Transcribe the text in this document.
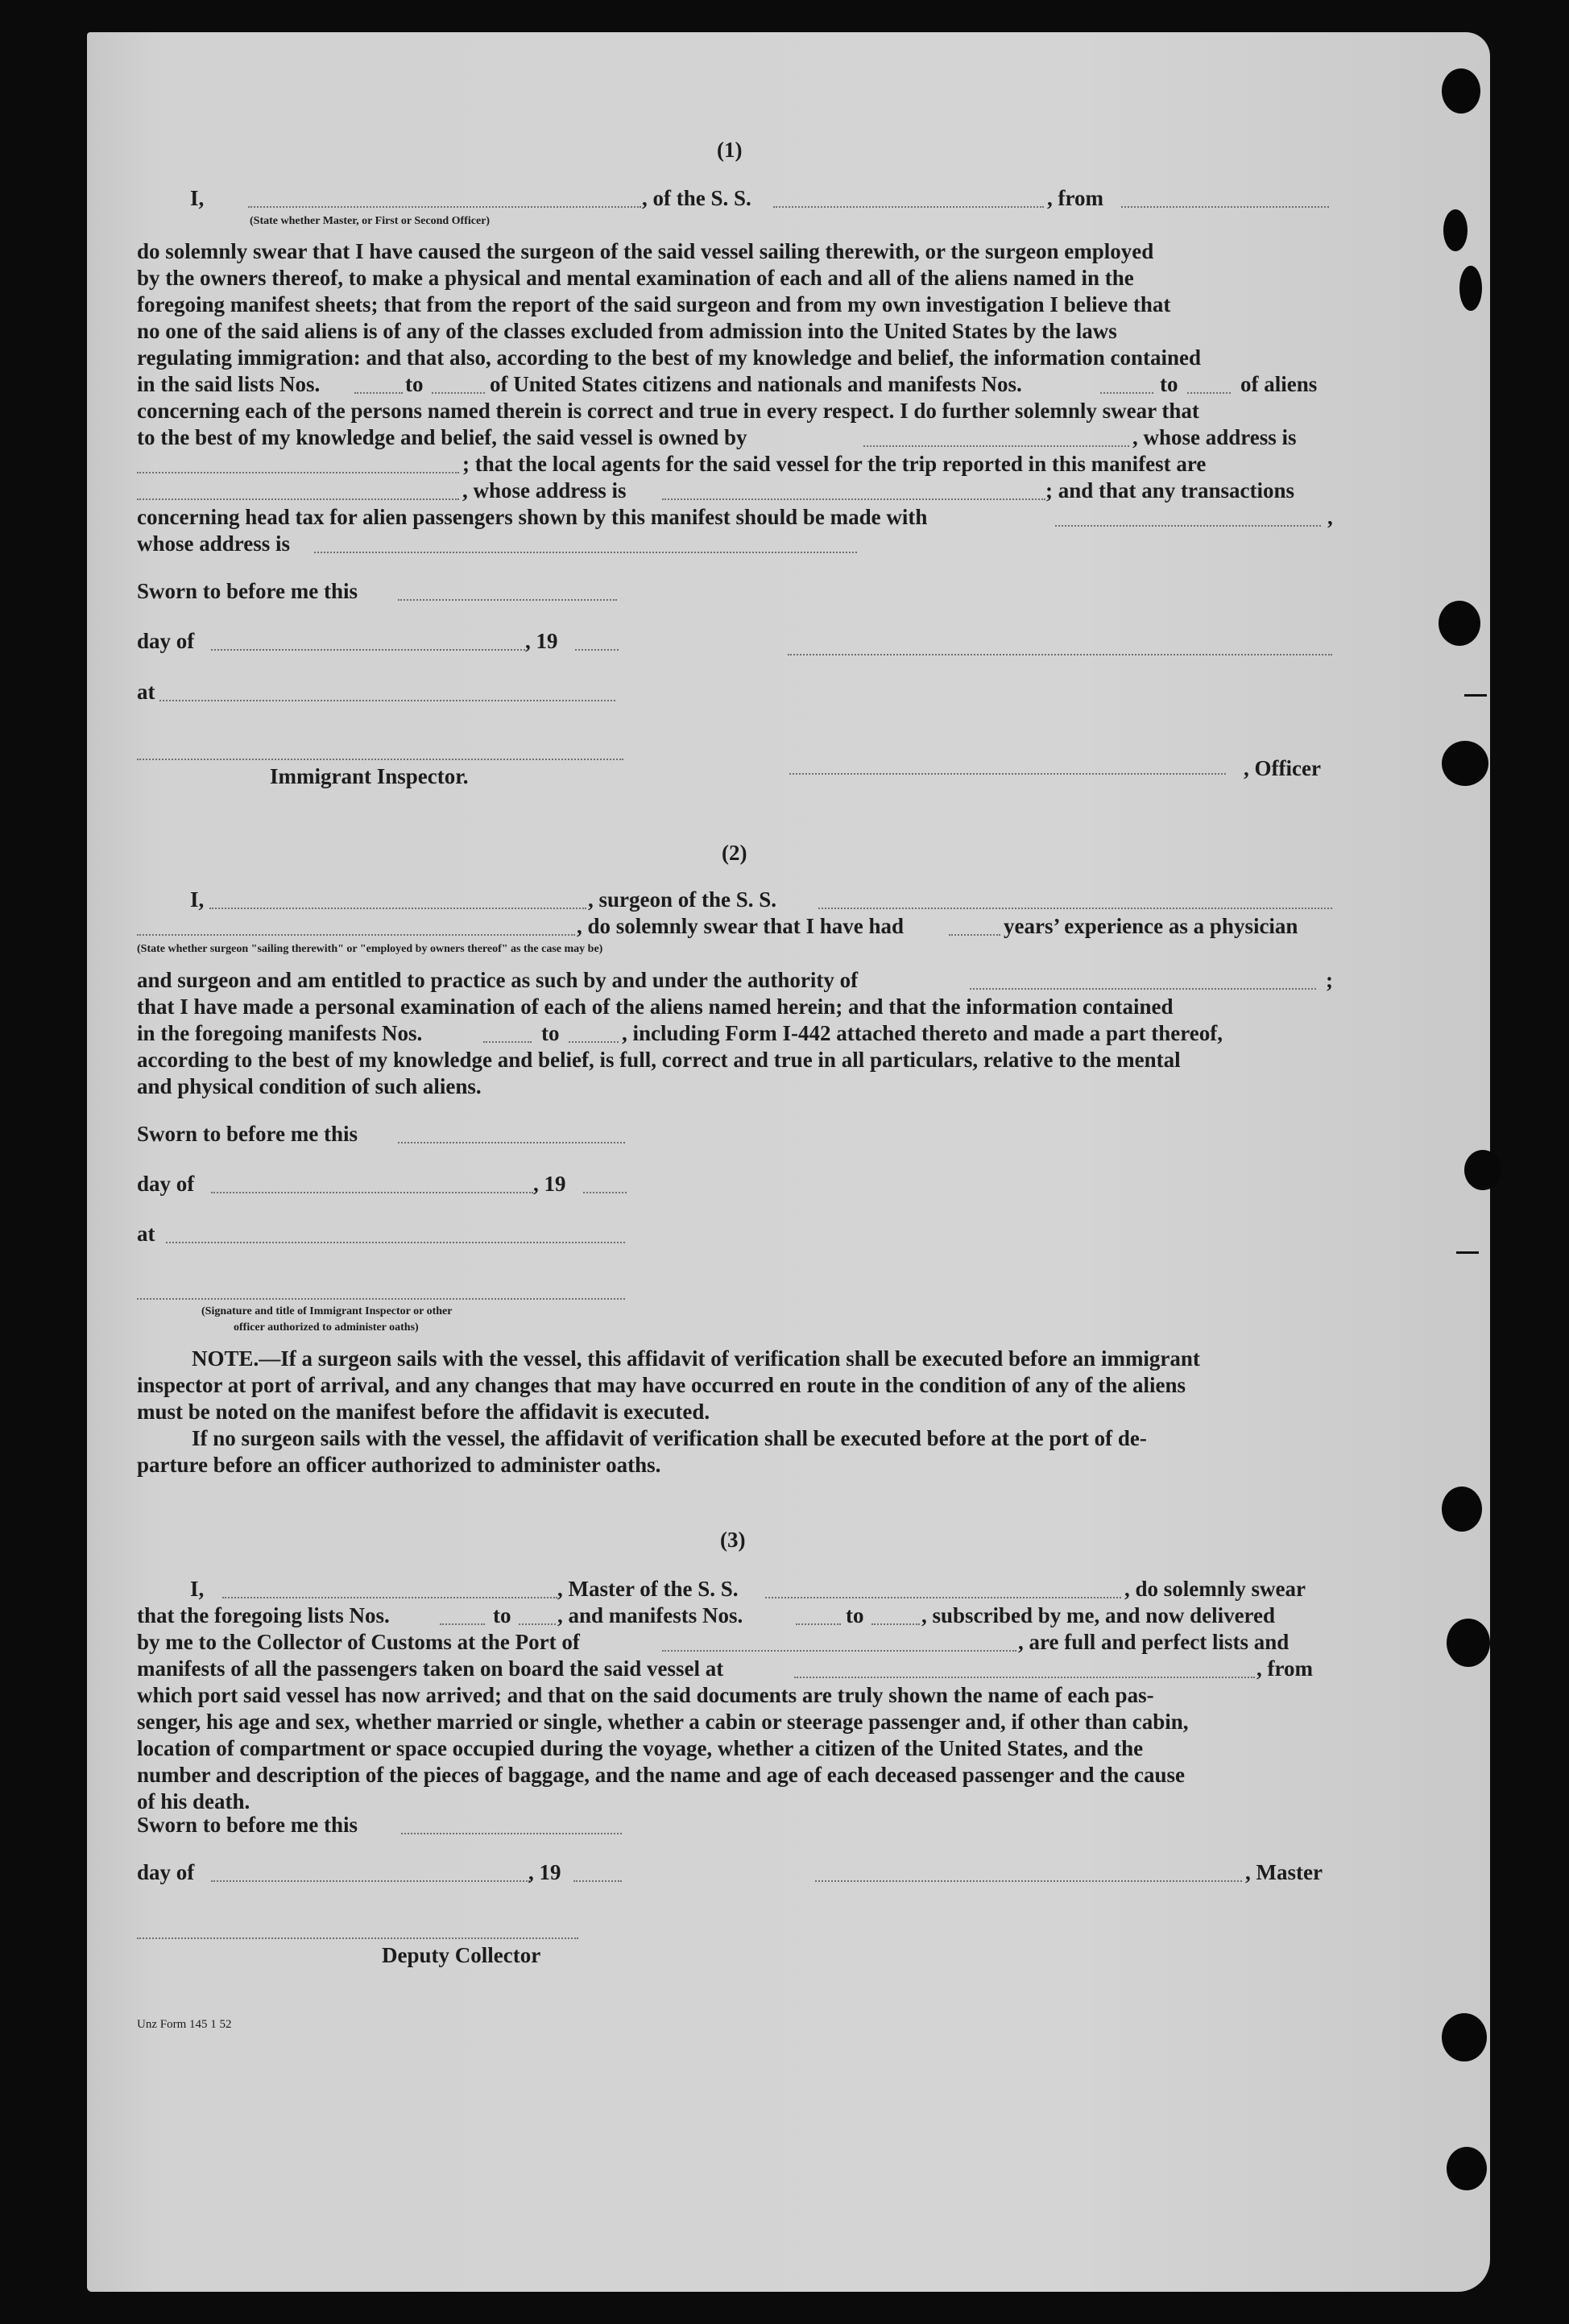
(1)
I,	, of the S. S.	, from
(State whether Master, or First or Second Officer)
do solemnly swear that I have caused the surgeon of the said vessel sailing therewith, or the surgeon employed
by the owners thereof, to make a physical and mental examination of each and all of the aliens named in the
foregoing manifest sheets; that from the report of the said surgeon and from my own investigation I believe that
no one of the said aliens is of any of the classes excluded from admission into the United States by the laws
regulating immigration: and that also, according to the best of my knowledge and belief, the information contained
in the said lists Nos.	to	of United States citizens and nationals and manifests Nos.	to	of aliens
concerning each of the persons named therein is correct and true in every respect. I do further solemnly swear that
to the best of my knowledge and belief, the said vessel is owned by	, whose address is
; that the local agents for the said vessel for the trip reported in this manifest are
, whose address is	; and that any transactions
concerning head tax for alien passengers shown by this manifest should be made with	,
whose address is
Sworn to before me this
day of	, 19
at
Immigrant Inspector.	, Officer
(2)
I,	, surgeon of the S. S.
, do solemnly swear that I have had	years’ experience as a physician
(State whether surgeon "sailing therewith" or "employed by owners thereof" as the case may be)
and surgeon and am entitled to practice as such by and under the authority of	;
that I have made a personal examination of each of the aliens named herein; and that the information contained
in the foregoing manifests Nos.	to	, including Form I-442 attached thereto and made a part thereof,
according to the best of my knowledge and belief, is full, correct and true in all particulars, relative to the mental
and physical condition of such aliens.
Sworn to before me this
day of	, 19
at
(Signature and title of Immigrant Inspector or other
officer authorized to administer oaths)
NOTE.—If a surgeon sails with the vessel, this affidavit of verification shall be executed before an immigrant
inspector at port of arrival, and any changes that may have occurred en route in the condition of any of the aliens
must be noted on the manifest before the affidavit is executed.
If no surgeon sails with the vessel, the affidavit of verification shall be executed before at the port of de-
parture before an officer authorized to administer oaths.
(3)
I,	, Master of the S. S.	, do solemnly swear
that the foregoing lists Nos.	to , and manifests Nos.	to	, subscribed by me, and now delivered
by me to the Collector of Customs at the Port of	, are full and perfect lists and
manifests of all the passengers taken on board the said vessel at	, from
which port said vessel has now arrived; and that on the said documents are truly shown the name of each pas-
senger, his age and sex, whether married or single, whether a cabin or steerage passenger and, if other than cabin,
location of compartment or space occupied during the voyage, whether a citizen of the United States, and the
number and description of the pieces of baggage, and the name and age of each deceased passenger and the cause
of his death.
Sworn to before me this
day of	, 19	, Master
Deputy Collector
Unz Form 145 1 52
